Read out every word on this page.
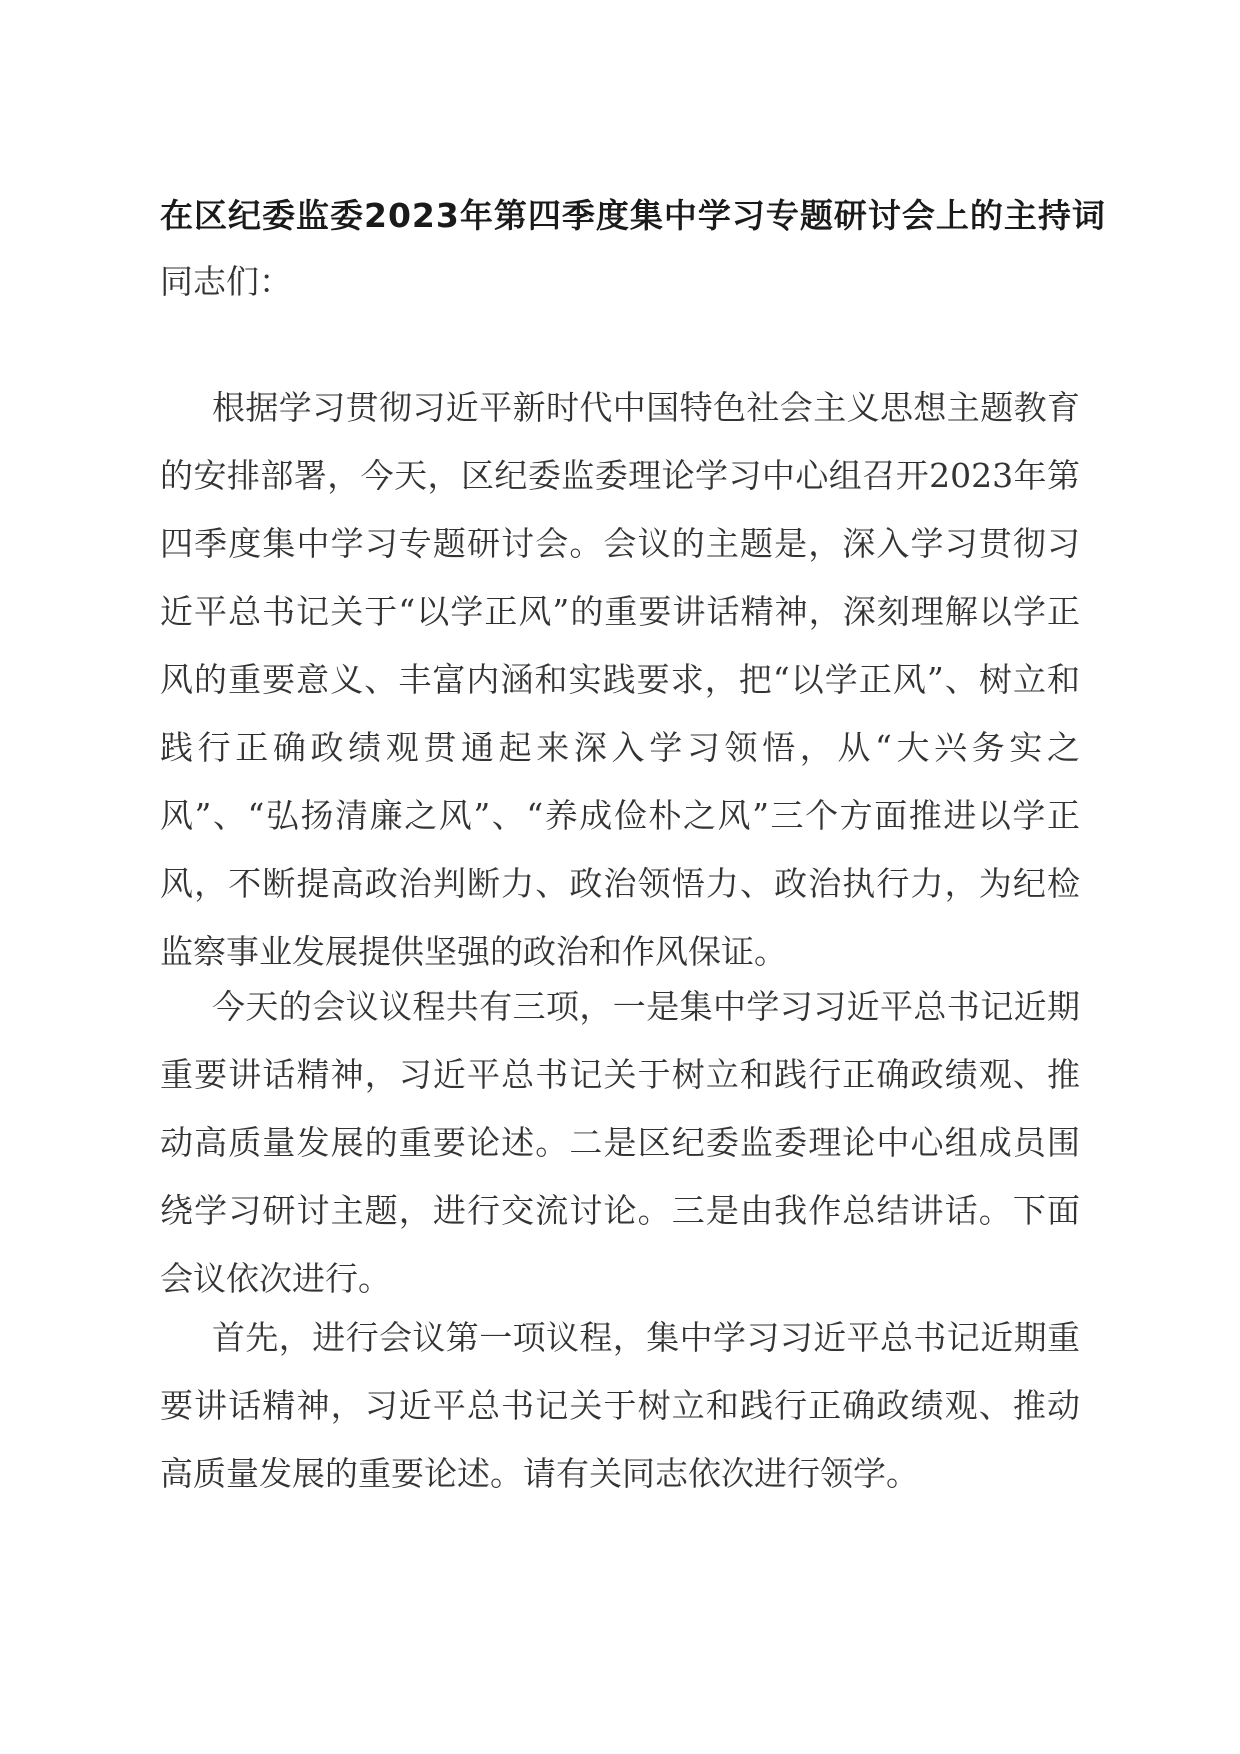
在区纪委监委2023年第四季度集中学习专题研讨会上的主持词
同志们：

根据学习贯彻习近平新时代中国特色社会主义思想主题教育的安排部署，今天，区纪委监委理论学习中心组召开2023年第四季度集中学习专题研讨会。会议的主题是，深入学习贯彻习近平总书记关于“以学正风”的重要讲话精神，深刻理解以学正风的重要意义、丰富内涵和实践要求，把“以学正风”、树立和践行正确政绩观贯通起来深入学习领悟，从“大兴务实之风”、“弘扬清廉之风”、“养成俭朴之风”三个方面推进以学正风，不断提高政治判断力、政治领悟力、政治执行力，为纪检监察事业发展提供坚强的政治和作风保证。

今天的会议议程共有三项，一是集中学习习近平总书记近期重要讲话精神，习近平总书记关于树立和践行正确政绩观、推动高质量发展的重要论述。二是区纪委监委理论中心组成员围绕学习研讨主题，进行交流讨论。三是由我作总结讲话。下面会议依次进行。

首先，进行会议第一项议程，集中学习习近平总书记近期重要讲话精神，习近平总书记关于树立和践行正确政绩观、推动高质量发展的重要论述。请有关同志依次进行领学。
